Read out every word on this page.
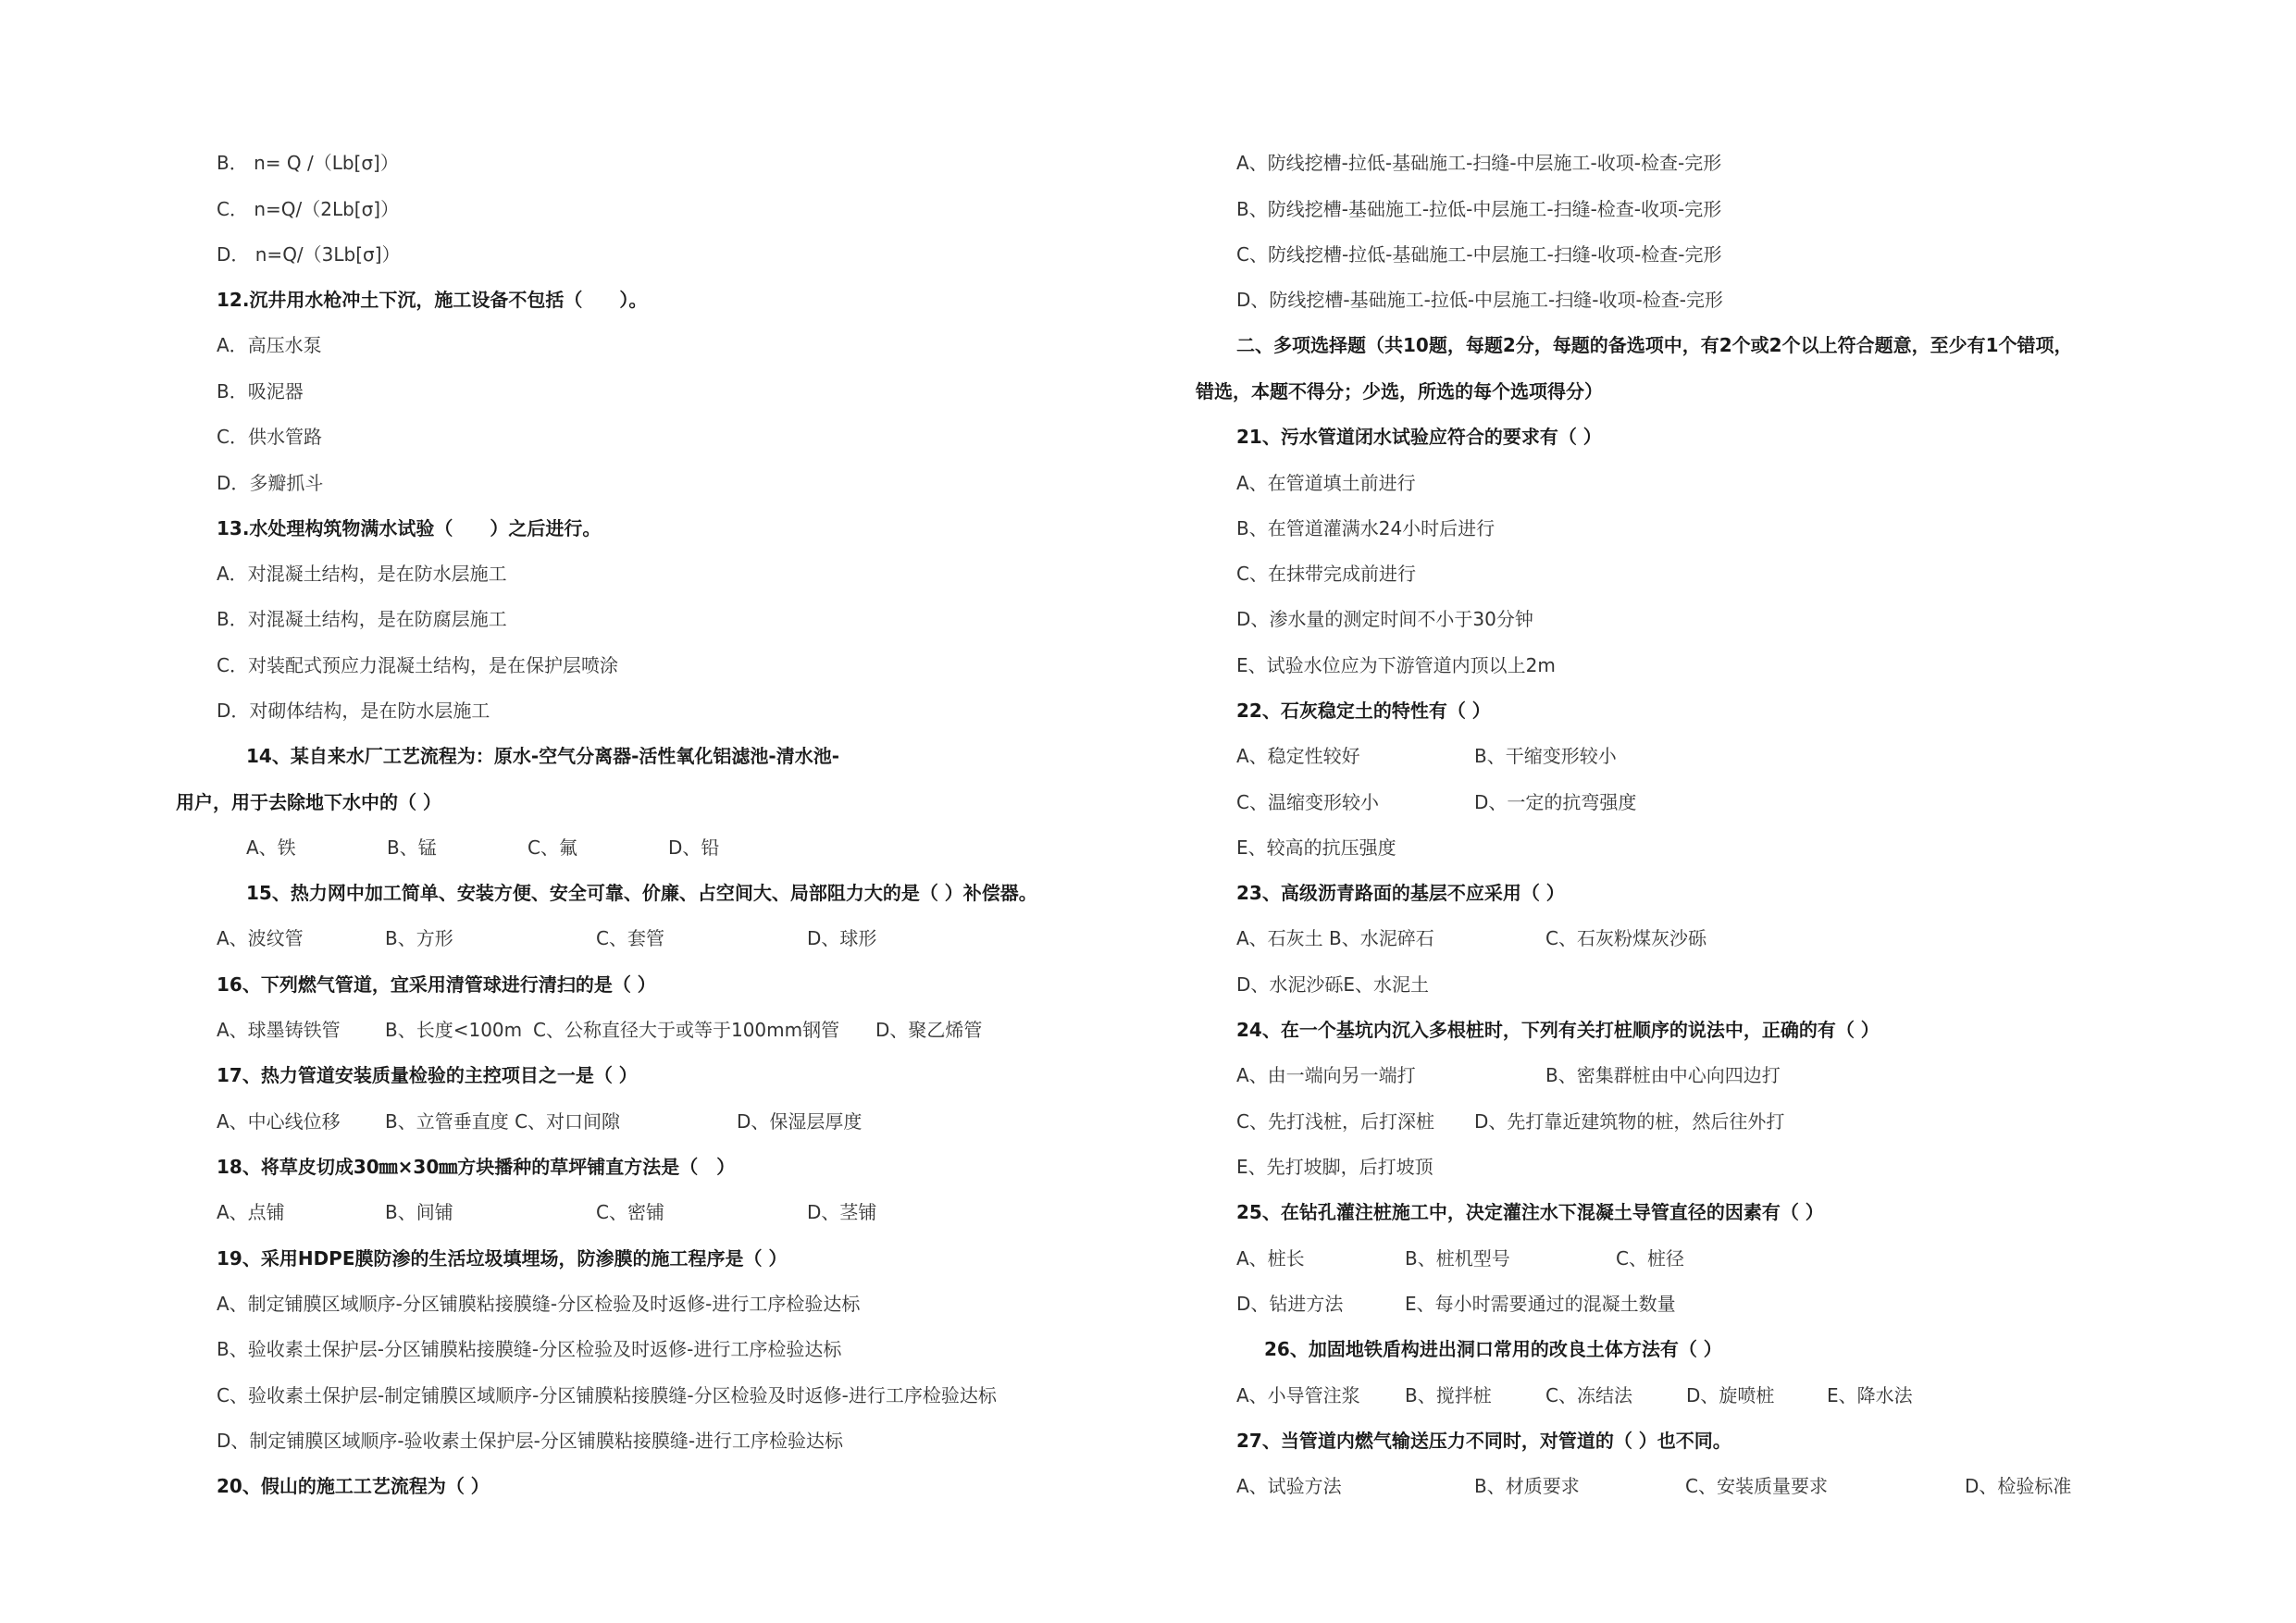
B． n= Q /（Lb[σ]）
C． n=Q/（2Lb[σ]）
D． n=Q/（3Lb[σ]）
12.沉井用水枪冲土下沉，施工设备不包括（　　）。
A．高压水泵
B．吸泥器
C．供水管路
D．多瓣抓斗
13.水处理构筑物满水试验（　　）之后进行。
A．对混凝土结构，是在防水层施工
B．对混凝土结构，是在防腐层施工
C．对装配式预应力混凝土结构，是在保护层喷涂
D．对砌体结构，是在防水层施工
14、某自来水厂工艺流程为：原水-空气分离器-活性氧化铝滤池-清水池-
用户，用于去除地下水中的（ ）
A、铁	B、锰	C、氟	D、铅
15、热力网中加工简单、安装方便、安全可靠、价廉、占空间大、局部阻力大的是（ ）补偿器。
A、波纹管	B、方形	C、套管	D、球形
16、下列燃气管道，宜采用清管球进行清扫的是（ ）
A、球墨铸铁管 B、长度<100m C、公称直径大于或等于100mm钢管 D、聚乙烯管
17、热力管道安装质量检验的主控项目之一是（ ）
A、中心线位移 B、立管垂直度 C、对口间隙	D、保湿层厚度
18、将草皮切成30㎜×30㎜方块播种的草坪铺直方法是（　）
A、点铺	B、间铺	C、密铺	D、茎铺
19、采用HDPE膜防渗的生活垃圾填埋场，防渗膜的施工程序是（ ）
A、制定铺膜区域顺序-分区铺膜粘接膜缝-分区检验及时返修-进行工序检验达标
B、验收素土保护层-分区铺膜粘接膜缝-分区检验及时返修-进行工序检验达标
C、验收素土保护层-制定铺膜区域顺序-分区铺膜粘接膜缝-分区检验及时返修-进行工序检验达标
D、制定铺膜区域顺序-验收素土保护层-分区铺膜粘接膜缝-进行工序检验达标
20、假山的施工工艺流程为（ ）
A、防线挖槽-拉低-基础施工-扫缝-中层施工-收项-检查-完形
B、防线挖槽-基础施工-拉低-中层施工-扫缝-检查-收项-完形
C、防线挖槽-拉低-基础施工-中层施工-扫缝-收项-检查-完形
D、防线挖槽-基础施工-拉低-中层施工-扫缝-收项-检查-完形
二、多项选择题（共10题，每题2分，每题的备选项中，有2个或2个以上符合题意，至少有1个错项，
错选，本题不得分；少选，所选的每个选项得分）
21、污水管道闭水试验应符合的要求有（ ）
A、在管道填土前进行
B、在管道灌满水24小时后进行
C、在抹带完成前进行
D、渗水量的测定时间不小于30分钟
E、试验水位应为下游管道内顶以上2m
22、石灰稳定土的特性有（ ）
A、稳定性较好	B、干缩变形较小
C、温缩变形较小	D、一定的抗弯强度
E、较高的抗压强度
23、高级沥青路面的基层不应采用（ ）
A、石灰土 B、水泥碎石	C、石灰粉煤灰沙砾
D、水泥沙砾E、水泥土
24、在一个基坑内沉入多根桩时，下列有关打桩顺序的说法中，正确的有（ ）
A、由一端向另一端打	B、密集群桩由中心向四边打
C、先打浅桩，后打深桩 D、先打靠近建筑物的桩，然后往外打
E、先打坡脚，后打坡顶
25、在钻孔灌注桩施工中，决定灌注水下混凝土导管直径的因素有（ ）
A、桩长	B、桩机型号	C、桩径
D、钻进方法	E、每小时需要通过的混凝土数量
26、加固地铁盾构进出洞口常用的改良土体方法有（ ）
A、小导管注浆 B、搅拌桩	C、冻结法	D、旋喷桩	E、降水法
27、当管道内燃气输送压力不同时，对管道的（ ）也不同。
A、试验方法	B、材质要求	C、安装质量要求	D、检验标准
